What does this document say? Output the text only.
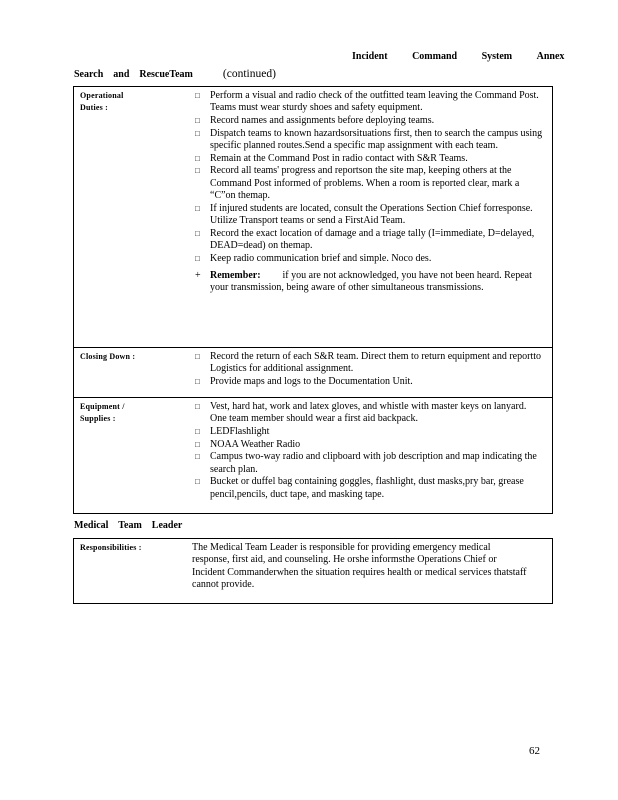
Incident Command System Annex
Search    and    RescueTeam	(continued)
Operational
Duties :
□ Perform a visual and radio check of the outfitted team leaving the Command Post. Teams must wear sturdy shoes and safety equipment.
□ Record names and assignments before deploying teams.
□ Dispatch teams to known hazardsorsituations first, then to search the campus using specific planned routes.Send a specific map assignment with each team.
□ Remain at the Command Post in radio contact with S&R Teams.
□ Record all teams' progress and reportson the site map, keeping others at the Command Post informed of problems. When a room is reported clear, mark a “C”on themap.
□ If injured students are located, consult the Operations Section Chief forresponse. Utilize Transport teams or send a FirstAid Team.
□ Record the exact location of damage and a triage tally (I=immediate, D=delayed, DEAD=dead) on themap.
□ Keep radio communication brief and simple. Noco des.
+ Remember: if you are not acknowledged, you have not been heard. Repeat your transmission, being aware of other simultaneous transmissions.
Closing Down :	□ Record the return of each S&R team. Direct them to return equipment and reportto Logistics for additional assignment.
□ Provide maps and logs to the Documentation Unit.
Equipment /
Supplies :
□ Vest, hard hat, work and latex gloves, and whistle with master keys on lanyard. One team member should wear a first aid backpack.
□ LEDFlashlight
□ NOAA Weather Radio
□ Campus two-way radio and clipboard with job description and map indicating the search plan.
□ Bucket or duffel bag containing goggles, flashlight, dust masks,pry bar, grease pencil,pencils, duct tape, and masking tape.
Medical    Team    Leader
Responsibilities :	The Medical Team Leader is responsible for providing emergency medical response, first aid, and counseling. He orshe informsthe Operations Chief or Incident Commanderwhen the situation requires health or medical services thatstaff cannot provide.
62
